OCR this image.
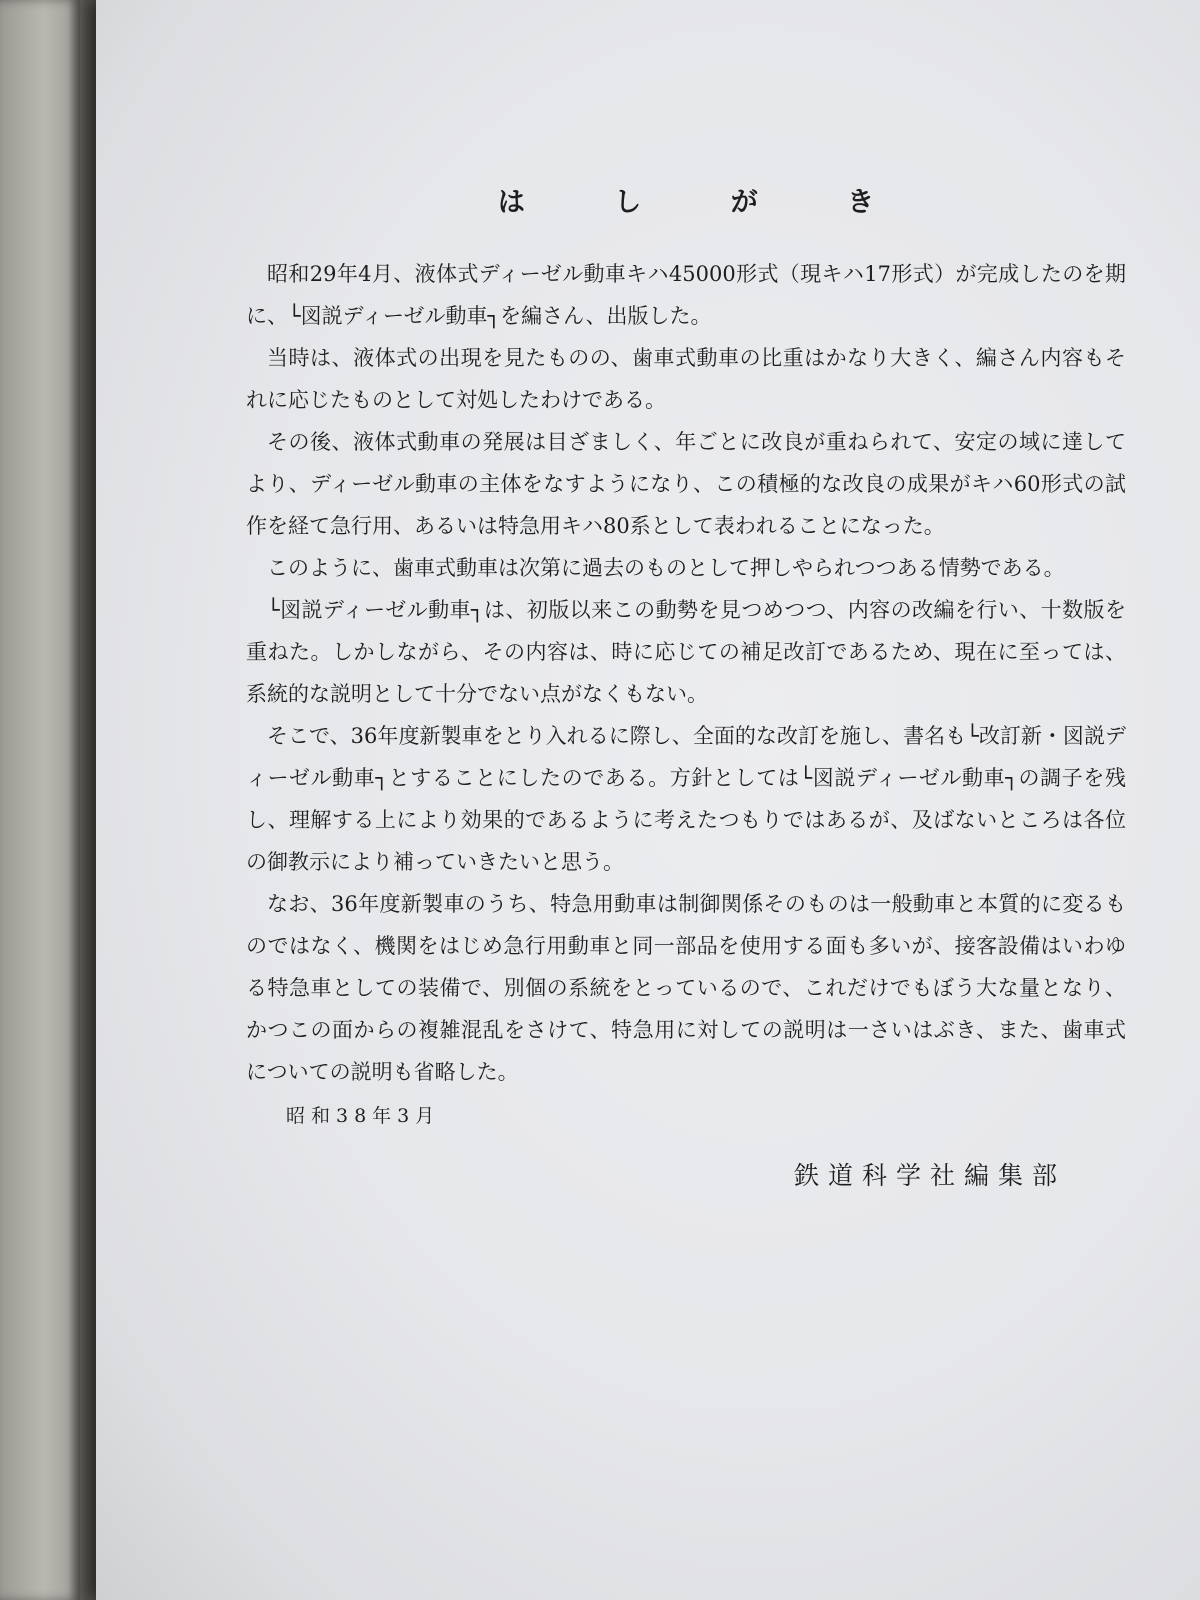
は し が き

昭和29年4月、液体式ディーゼル動車キハ45000形式（現キハ17形式）が完成したのを期に、└図説ディーゼル動車┐を編さん、出版した。

当時は、液体式の出現を見たものの、歯車式動車の比重はかなり大きく、編さん内容もそれに応じたものとして対処したわけである。

その後、液体式動車の発展は目ざましく、年ごとに改良が重ねられて、安定の域に達してより、ディーゼル動車の主体をなすようになり、この積極的な改良の成果がキハ60形式の試作を経て急行用、あるいは特急用キハ80系として表われることになった。

このように、歯車式動車は次第に過去のものとして押しやられつつある情勢である。

└図説ディーゼル動車┐は、初版以来この動勢を見つめつつ、内容の改編を行い、十数版を重ねた。しかしながら、その内容は、時に応じての補足改訂であるため、現在に至っては、系統的な説明として十分でない点がなくもない。

そこで、36年度新製車をとり入れるに際し、全面的な改訂を施し、書名も└改訂新・図説ディーゼル動車┐とすることにしたのである。方針としては└図説ディーゼル動車┐の調子を残し、理解する上により効果的であるように考えたつもりではあるが、及ばないところは各位の御教示により補っていきたいと思う。

なお、36年度新製車のうち、特急用動車は制御関係そのものは一般動車と本質的に変るものではなく、機関をはじめ急行用動車と同一部品を使用する面も多いが、接客設備はいわゆる特急車としての装備で、別個の系統をとっているので、これだけでもぼう大な量となり、かつこの面からの複雑混乱をさけて、特急用に対しての説明は一さいはぶき、また、歯車式についての説明も省略した。

昭和38年3月
鉄道科学社編集部
